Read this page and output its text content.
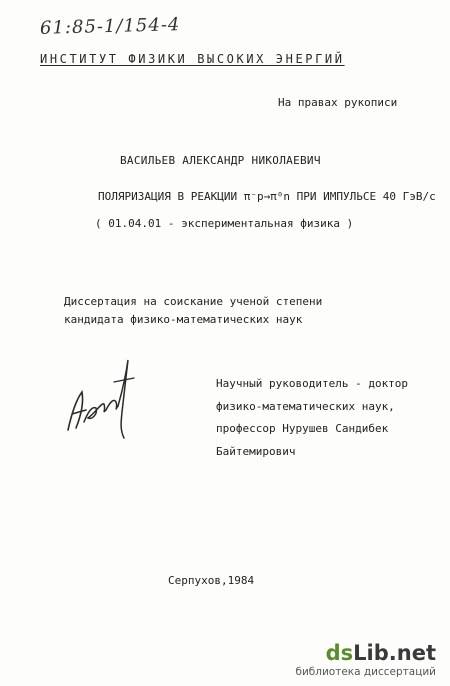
61:85-1/154-4
ИНСТИТУТ ФИЗИКИ ВЫСОКИХ ЭНЕРГИЙ
На правах рукописи
ВАСИЛЬЕВ АЛЕКСАНДР НИКОЛАЕВИЧ
ПОЛЯРИЗАЦИЯ В РЕАКЦИИ π⁻p→π⁰n ПРИ ИМПУЛЬСЕ 40 ГэВ/с
( 01.04.01 - экспериментальная физика )
Диссертация на соискание ученой степени
кандидата физико-математических наук
Научный руководитель - доктор
физико-математических наук,
профессор Нурушев Сандибек
Байтемирович
Серпухов,1984
dsLib.net
библиотека диссертаций
